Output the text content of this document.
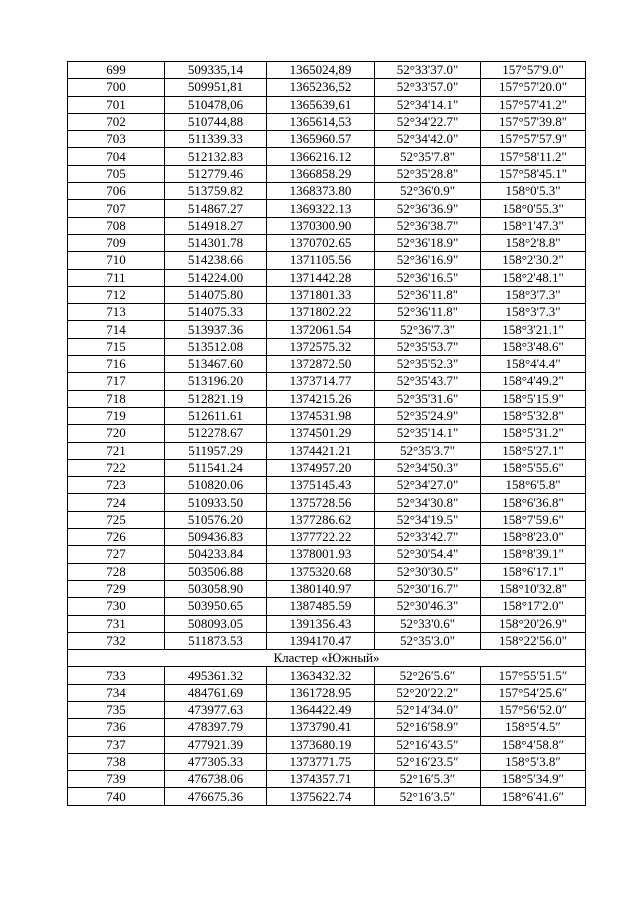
699	509335,14	1365024,89	52°33'37.0"	157°57'9.0"
700	509951,81	1365236,52	52°33'57.0"	157°57'20.0"
701	510478,06	1365639,61	52°34'14.1"	157°57'41.2"
702	510744,88	1365614,53	52°34'22.7"	157°57'39.8"
703	511339.33	1365960.57	52°34'42.0"	157°57'57.9"
704	512132.83	1366216.12	52°35'7.8"	157°58'11.2"
705	512779.46	1366858.29	52°35'28.8"	157°58'45.1"
706	513759.82	1368373.80	52°36'0.9"	158°0'5.3"
707	514867.27	1369322.13	52°36'36.9"	158°0'55.3"
708	514918.27	1370300.90	52°36'38.7"	158°1'47.3"
709	514301.78	1370702.65	52°36'18.9"	158°2'8.8"
710	514238.66	1371105.56	52°36'16.9"	158°2'30.2"
711	514224.00	1371442.28	52°36'16.5"	158°2'48.1"
712	514075.80	1371801.33	52°36'11.8"	158°3'7.3"
713	514075.33	1371802.22	52°36'11.8"	158°3'7.3"
714	513937.36	1372061.54	52°36'7.3"	158°3'21.1"
715	513512.08	1372575.32	52°35'53.7"	158°3'48.6"
716	513467.60	1372872.50	52°35'52.3"	158°4'4.4"
717	513196.20	1373714.77	52°35'43.7"	158°4'49.2"
718	512821.19	1374215.26	52°35'31.6"	158°5'15.9"
719	512611.61	1374531.98	52°35'24.9"	158°5'32.8"
720	512278.67	1374501.29	52°35'14.1"	158°5'31.2"
721	511957.29	1374421.21	52°35'3.7"	158°5'27.1"
722	511541.24	1374957.20	52°34'50.3"	158°5'55.6"
723	510820.06	1375145.43	52°34'27.0"	158°6'5.8"
724	510933.50	1375728.56	52°34'30.8"	158°6'36.8"
725	510576.20	1377286.62	52°34'19.5"	158°7'59.6"
726	509436.83	1377722.22	52°33'42.7"	158°8'23.0"
727	504233.84	1378001.93	52°30'54.4"	158°8'39.1"
728	503506.88	1375320.68	52°30'30.5"	158°6'17.1"
729	503058.90	1380140.97	52°30'16.7"	158°10'32.8"
730	503950.65	1387485.59	52°30'46.3"	158°17'2.0"
731	508093.05	1391356.43	52°33'0.6"	158°20'26.9"
732	511873.53	1394170.47	52°35'3.0"	158°22'56.0"
Кластер «Южный»				
733	495361.32	1363432.32	52°26′5.6″	157°55′51.5″
734	484761.69	1361728.95	52°20′22.2″	157°54′25.6″
735	473977.63	1364422.49	52°14′34.0″	157°56′52.0″
736	478397.79	1373790.41	52°16′58.9″	158°5′4.5″
737	477921.39	1373680.19	52°16′43.5″	158°4′58.8″
738	477305.33	1373771.75	52°16′23.5″	158°5′3.8″
739	476738.06	1374357.71	52°16′5.3″	158°5′34.9″
740	476675.36	1375622.74	52°16′3.5″	158°6′41.6″
